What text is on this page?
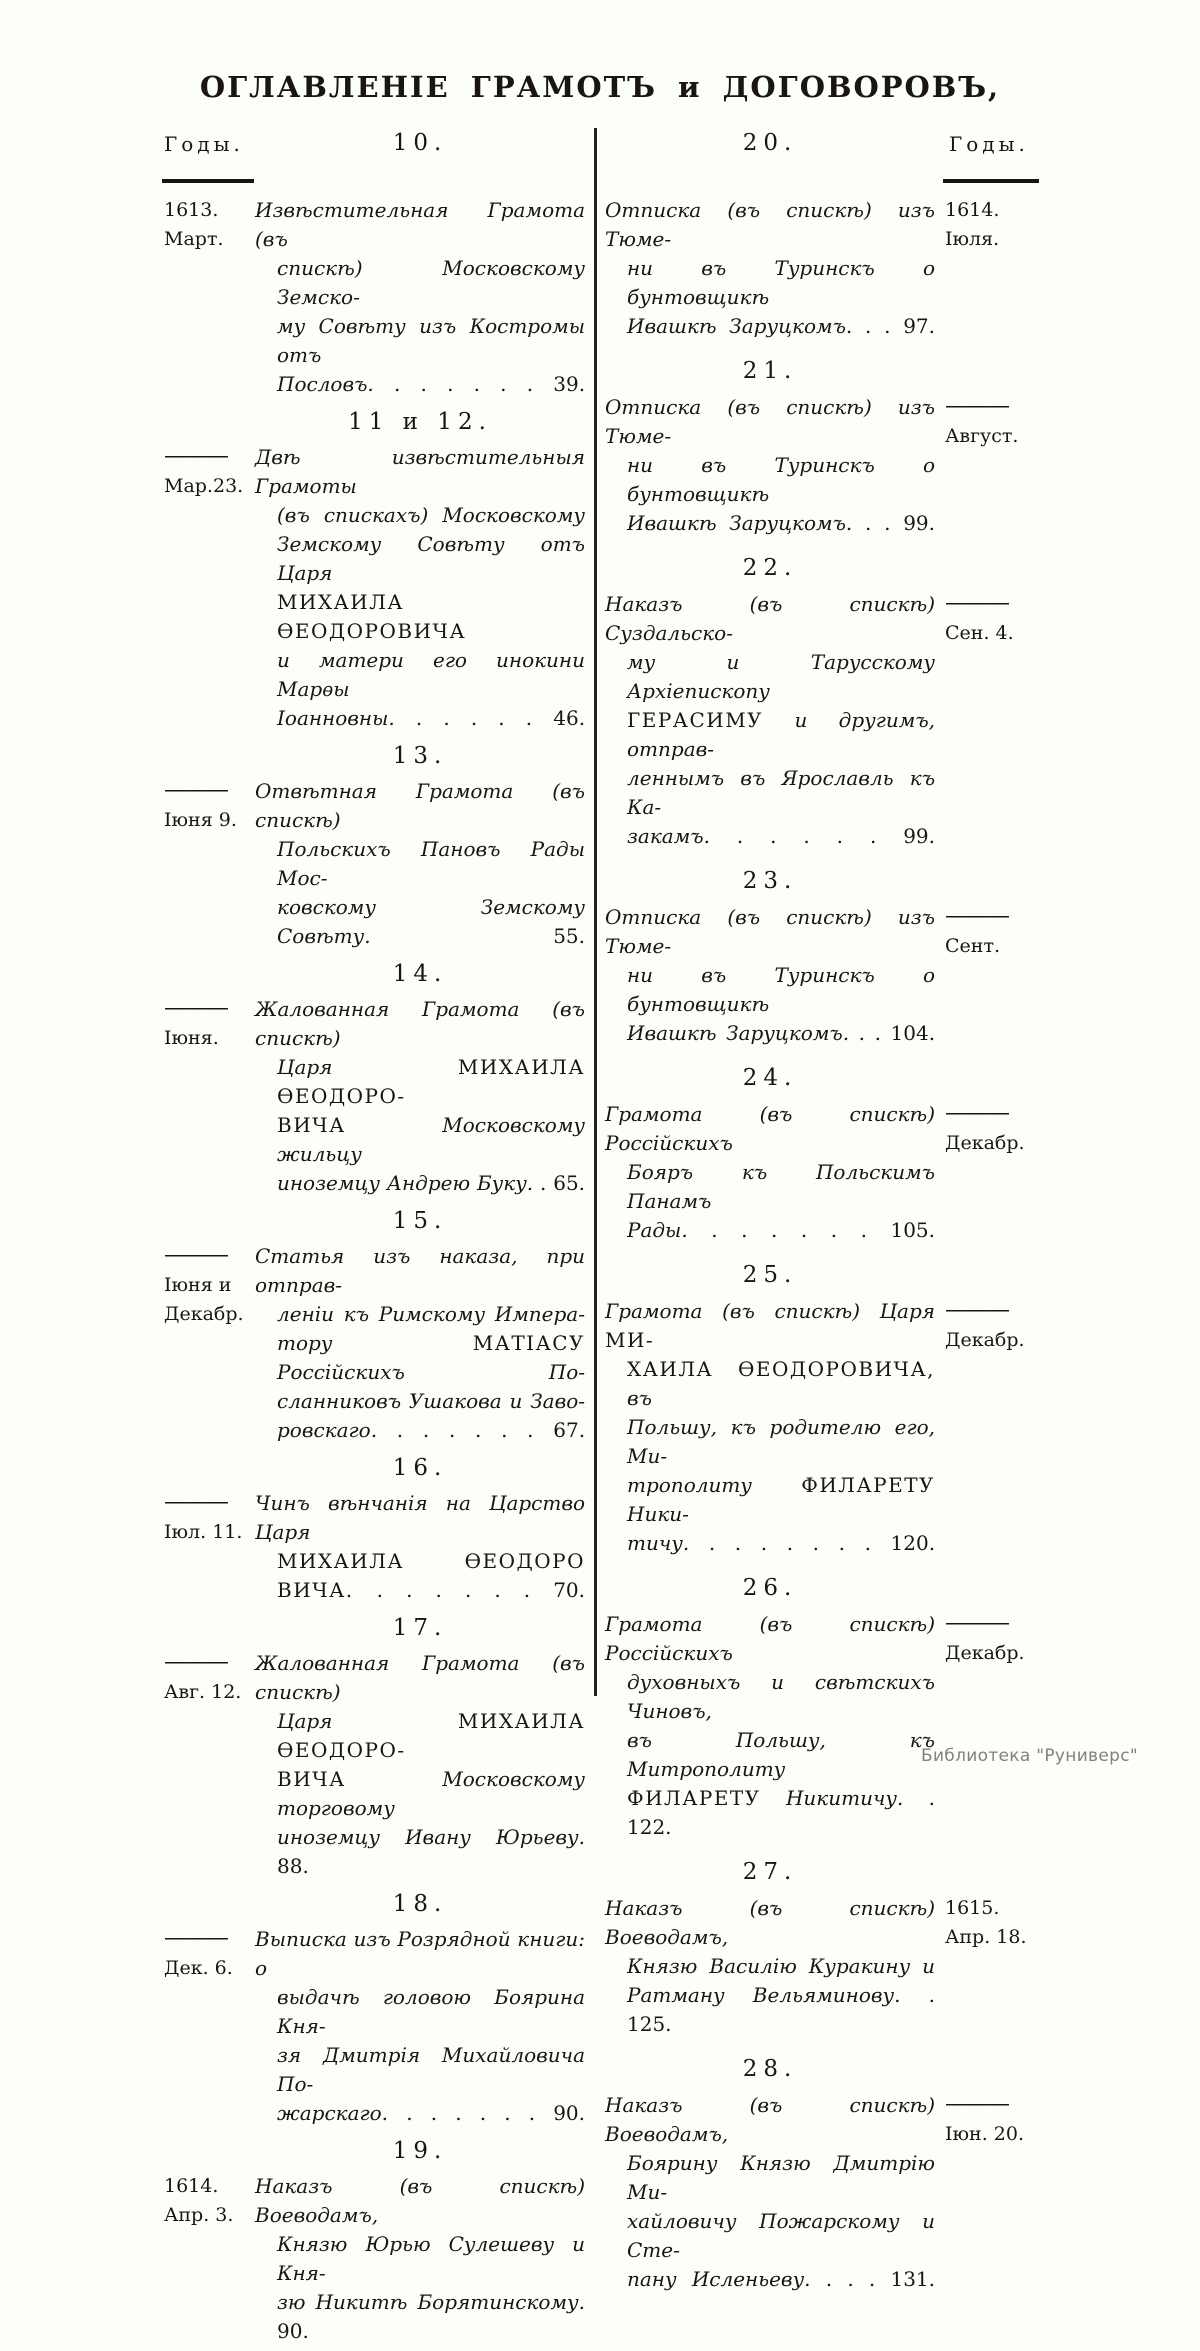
ОГЛАВЛЕНІЕ ГРАМОТЪ и ДОГОВОРОВЪ,
Годы.	10.
1613.
Март.
Извѣстительная Грамота (въ
спискѣ)	Московскому Земско-
му Совѣту изъ Костромы отъ
Пословъ. . . . . . . 39.
11 и 12.
———
Мар.23.
Двѣ	извѣстительныя Грамоты
(въ спискахъ) Московскому
Земскому Совѣту отъ Царя
МИХАИЛА ѲЕОДОРОВИЧА
и матери его инокини Марѳы
Іоанновны. . . . . . 46.
13.
———
Іюня 9.
Отвѣтная Грамота (въ спискѣ)
Польскихъ Пановъ Рады Мос-
ковскому	Земскому Совѣту.	55.
14.
———
Іюня.
Жалованная Грамота (въ спискѣ)
Царя	МИХАИЛА ѲЕОДОРО-
ВИЧА	Московскому жильцу
иноземцу Андрею Буку. . 65.
15.
———
Іюня и
Декабр.
Статья изъ наказа, при отправ-
леніи къ Римскому Импера-
тору	МАТІАСУ Россійскихъ	По-
сланниковъ Ушакова и Заво-
ровскаго. . . . . . . 67.
16.
———
Іюл. 11.
Чинъ вѣнчанія на Царство Царя
МИХАИЛА	ѲЕОДОРО
ВИЧА. . . . . . . 70.
17.
———
Авг. 12.
Жалованная Грамота (въ спискѣ)
Царя	МИХАИЛА ѲЕОДОРО-
ВИЧА	Московскому торговому
иноземцу Ивану Юрьеву. 88.
18.
———
Дек. 6.
Выписка изъ Розрядной книги: о
выдачѣ головою Боярина Кня-
зя Дмитрія Михайловича По-
жарскаго. . . . . . . 90.
19.
1614.
Апр. 3.
Наказъ	(въ	спискѣ) Воеводамъ,
Князю Юрью Сулешеву и Кня-
зю Никитѣ Борятинскому. 90.
20.	Годы.
1614.
Іюля.
Отписка (въ спискѣ) изъ Тюме-
ни въ Туринскъ о бунтовщикѣ
Ивашкѣ Заруцкомъ. . . 97.
21.
———
Август.
Отписка (въ спискѣ) изъ Тюме-
ни въ Туринскъ о бунтовщикѣ
Ивашкѣ Заруцкомъ. . . 99.
22.
———
Сен. 4.
Наказъ	(въ	спискѣ) Суздальско-
му	и	Тарусскому Архіепископу
ГЕРАСИМУ и другимъ, отправ-
леннымъ въ Ярославль къ Ка-
закамъ. . . . . . 99.
23.
———
Сент.
Отписка (въ спискѣ) изъ Тюме-
ни въ Туринскъ о бунтовщикѣ
Ивашкѣ Заруцкомъ. . . 104.
24.
———
Декабр.
Грамота	(въ	спискѣ) Россійскихъ
Бояръ къ Польскимъ Панамъ
Рады. . . . . . . 105.
25.
———
Декабр.
Грамота (въ спискѣ) Царя МИ-
ХАИЛА ѲЕОДОРОВИЧА, въ
Польшу, къ родителю его, Ми-
трополиту ФИЛАРЕТУ Ники-
тичу. . . . . . . . 120.
26.
———
Декабр.
Грамота	(въ	спискѣ) Россійскихъ
духовныхъ и свѣтскихъ Чиновъ,
въ	Польшу,	къ Митрополиту
ФИЛАРЕТУ Никитичу. . 122.
27.
1615.
Апр. 18.
Наказъ	(въ	спискѣ) Воеводамъ,
Князю Василію Куракину и
Ратману Вельяминову. . 125.
28.
———
Іюн. 20.
Наказъ	(въ	спискѣ) Воеводамъ,
Боярину Князю Дмитрію Ми-
хайловичу Пожарскому и Сте-
пану Исленьеву. . . . 131.
Библиотека "Руниверс"
